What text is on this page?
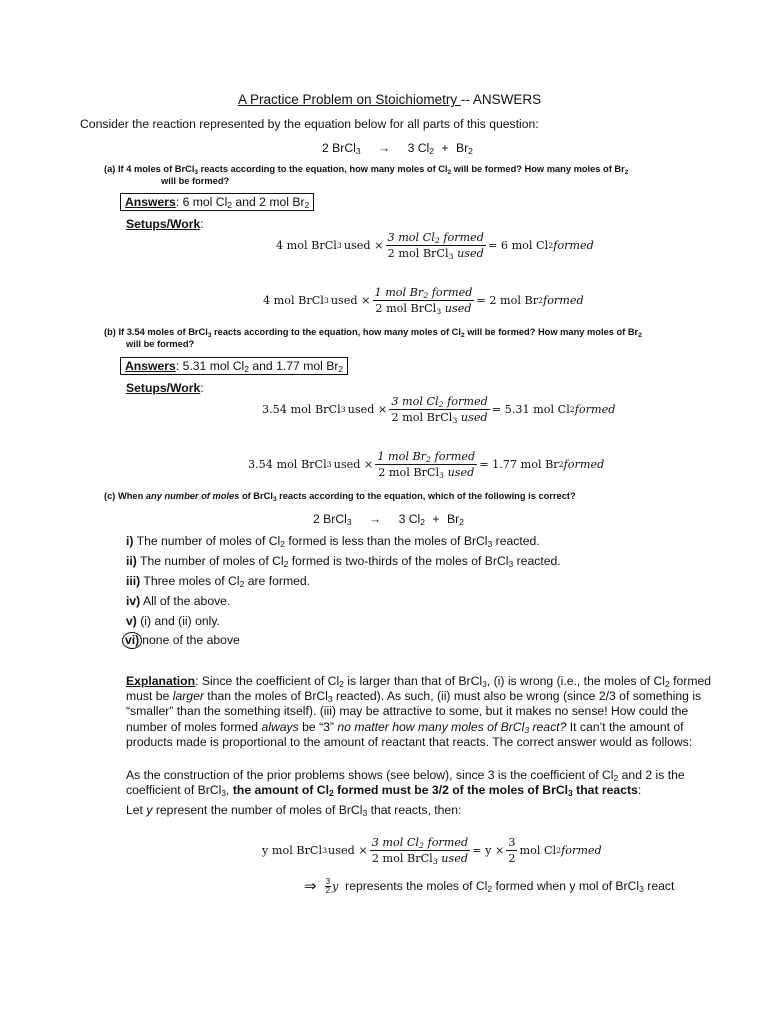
A Practice Problem on Stoichiometry -- ANSWERS
Consider the reaction represented by the equation below for all parts of this question:
2 BrCl$_3$ → 3 $Cl_2 + Br_2$
(a) If 4 moles of BrCl$_3$ reacts according to the equation, how many moles of $Cl_2$ will be formed? How many moles of $Br_2$
will be formed?
Answers: 6 mol $Cl_2$ and 2 mol $Br_2$
Setups/Work:
4 mol BrCl 3 used × $\frac{3 mol Cl_2 formed}{2 mol BrCl_3 used} = 6$ mol Cl 2 formed
4 mol BrCl 3 used × $\frac{1 mol Br_2 formed}{2 mol BrCl_3 used} = 2$ mol Br 2 formed
(b) If 3.54 moles of BrCl$_3$ reacts according to the equation, how many moles of $Cl_2$ will be formed? How many moles of $Br_2$
will be formed?
Answers: 5.31 mol $Cl_2$ and 1.77 mol $Br_2$
Setups/Work:
3.54 mol BrCl 3 used × $\frac{3 mol Cl_2 formed}{2 mol BrCl_3 used} = 5.31$ mol Cl 2 formed
3.54 mol BrCl 3 used × $\frac{1 mol Br_2 formed}{2 mol BrCl_3 used} = 1.77$ mol Br 2 formed
(c) When any number of moles of BrCl$_3$ reacts according to the equation, which of the following is correct?
2 BrCl$_3$ → 3 $Cl_2 + Br_2$
i) The number of moles of $Cl_2$ formed is less than the moles of BrCl$_3$ reacted.
ii) The number of moles of $Cl_2$ formed is two-thirds of the moles of BrCl$_3$ reacted.
iii) Three moles of $Cl_2$ are formed.
iv) All of the above.
v) (i) and (ii) only.
vi) none of the above
Explanation: Since the coefficient of $Cl_2$ is larger than that of BrCl$_3$, (i) is wrong (i.e., the moles of $Cl_2$ formed must be larger than the moles of BrCl$_3$ reacted). As such, (ii) must also be wrong (since 2/3 of something is “smaller” than the something itself). (iii) may be attractive to some, but it makes no sense! How could the number of moles formed always be “3” no matter how many moles of BrCl$_3$ react? It can’t the amount of products made is proportional to the amount of reactant that reacts. The correct answer would as follows:
As the construction of the prior problems shows (see below), since 3 is the coefficient of $Cl_2$ and 2 is the coefficient of BrCl$_3$, the amount of $Cl_2$ formed must be 3/2 of the moles of BrCl$_3$ that reacts:
Let y represent the number of moles of BrCl$_3$ that reacts, then:
y mol BrCl 3 used × $\frac{3 mol Cl_2 formed}{2 mol BrCl_3 used} = y \times \frac{3}{2}$ mol Cl 2 formed
⇒ $\frac{3}{2}$ y represents the moles of $Cl_2$ formed when y mol of BrCl$_3$ react
